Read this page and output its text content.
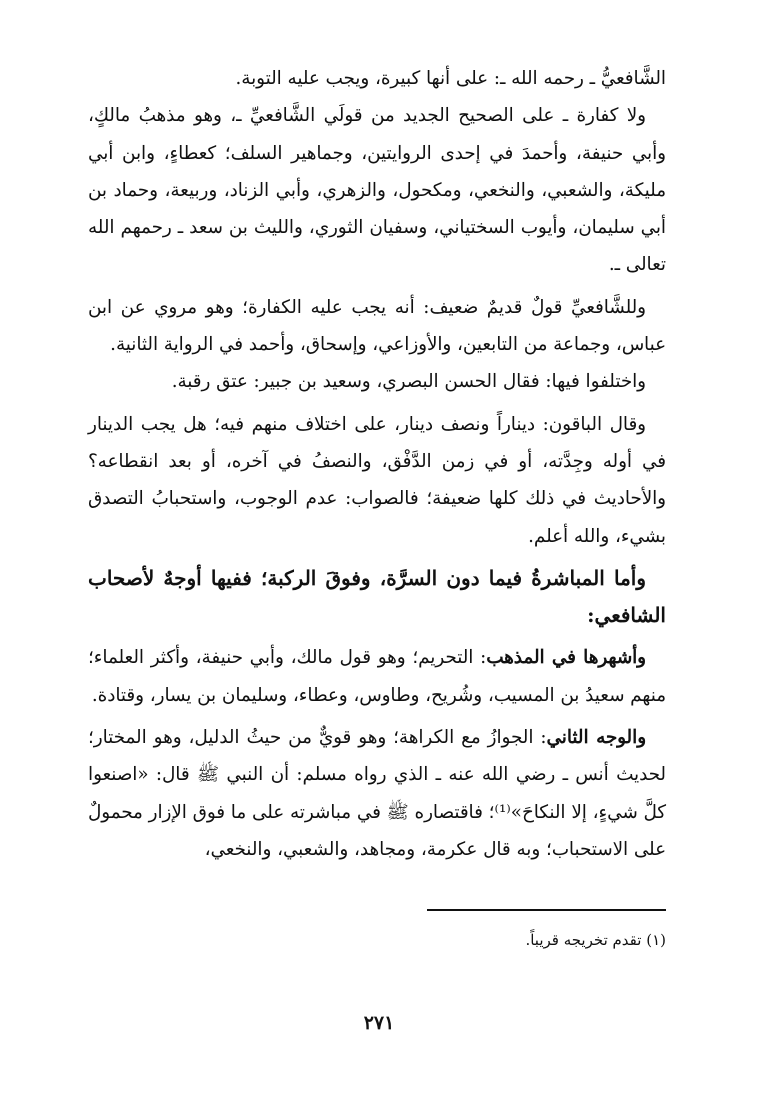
الشَّافعيُّ ـ رحمه الله ـ: على أنها كبيرة، ويجب عليه التوبة.

ولا كفارة ـ على الصحيح الجديد من قولَي الشَّافعيِّ ـ، وهو مذهبُ مالكٍ، وأبي حنيفة، وأحمدَ في إحدى الروايتين، وجماهير السلف؛ كعطاءٍ، وابن أبي مليكة، والشعبي، والنخعي، ومكحول، والزهري، وأبي الزناد، وربيعة، وحماد بن أبي سليمان، وأيوب السختياني، وسفيان الثوري، والليث بن سعد ـ رحمهم الله تعالى ـ.

وللشَّافعيِّ قولٌ قديمٌ ضعيف: أنه يجب عليه الكفارة؛ وهو مروي عن ابن عباس، وجماعة من التابعين، والأوزاعي، وإسحاق، وأحمد في الرواية الثانية.

واختلفوا فيها: فقال الحسن البصري، وسعيد بن جبير: عتق رقبة.

وقال الباقون: ديناراً ونصف دينار، على اختلاف منهم فيه؛ هل يجب الدينار في أوله وجِدَّته، أو في زمن الدَّفْق، والنصفُ في آخره، أو بعد انقطاعه؟ والأحاديث في ذلك كلها ضعيفة؛ فالصواب: عدم الوجوب، واستحبابُ التصدق بشيء، والله أعلم.

وأما المباشرةُ فيما دون السرَّة، وفوقَ الركبة؛ ففيها أوجهٌ لأصحاب الشافعي:

وأشهرها في المذهب: التحريم؛ وهو قول مالك، وأبي حنيفة، وأكثر العلماء؛ منهم سعيدُ بن المسيب، وشُريح، وطاوس، وعطاء، وسليمان بن يسار، وقتادة.

والوجه الثاني: الجوازُ مع الكراهة؛ وهو قويٌّ من حيثُ الدليل، وهو المختار؛ لحديث أنس ـ رضي الله عنه ـ الذي رواه مسلم: أن النبي ﷺ قال: «اصنعوا كلَّ شيءٍ، إلا النكاحَ»⁽¹⁾؛ فاقتصاره ﷺ في مباشرته على ما فوق الإزار محمولٌ على الاستحباب؛ وبه قال عكرمة، ومجاهد، والشعبي، والنخعي،

(١) تقدم تخريجه قريباً.
٢٧١
